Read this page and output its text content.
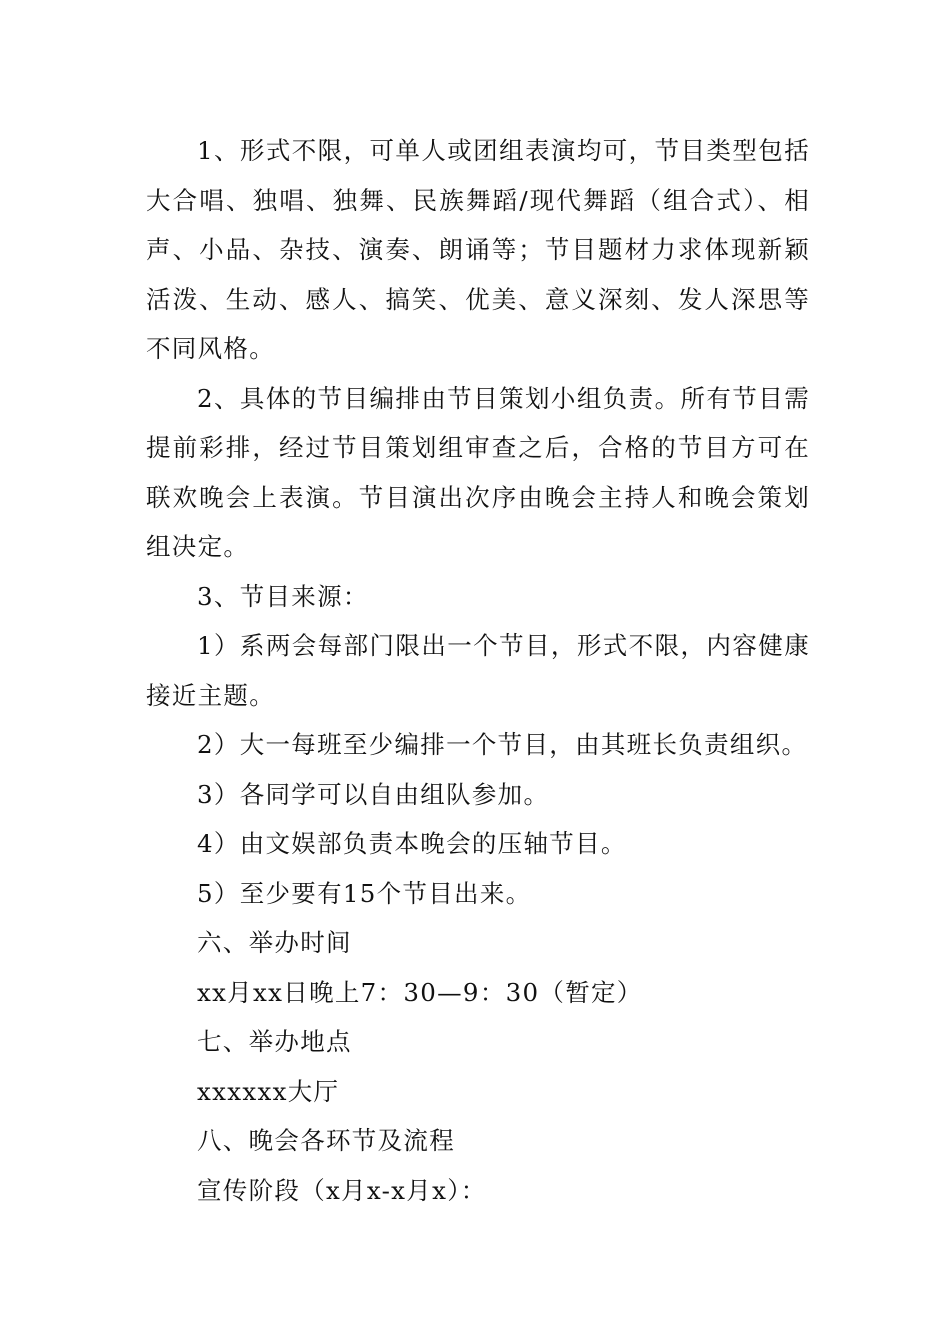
1、形式不限，可单人或团组表演均可，节目类型包括大合唱、独唱、独舞、民族舞蹈/现代舞蹈（组合式）、相声、小品、杂技、演奏、朗诵等；节目题材力求体现新颖活泼、生动、感人、搞笑、优美、意义深刻、发人深思等不同风格。

2、具体的节目编排由节目策划小组负责。所有节目需提前彩排，经过节目策划组审查之后，合格的节目方可在联欢晚会上表演。节目演出次序由晚会主持人和晚会策划组决定。

3、节目来源：

1）系两会每部门限出一个节目，形式不限，内容健康接近主题。

2）大一每班至少编排一个节目，由其班长负责组织。

3）各同学可以自由组队参加。

4）由文娱部负责本晚会的压轴节目。

5）至少要有15个节目出来。

六、举办时间

xx月xx日晚上7：30—9：30（暂定）

七、举办地点

xxxxxx大厅

八、晚会各环节及流程

宣传阶段（x月x-x月x）：
